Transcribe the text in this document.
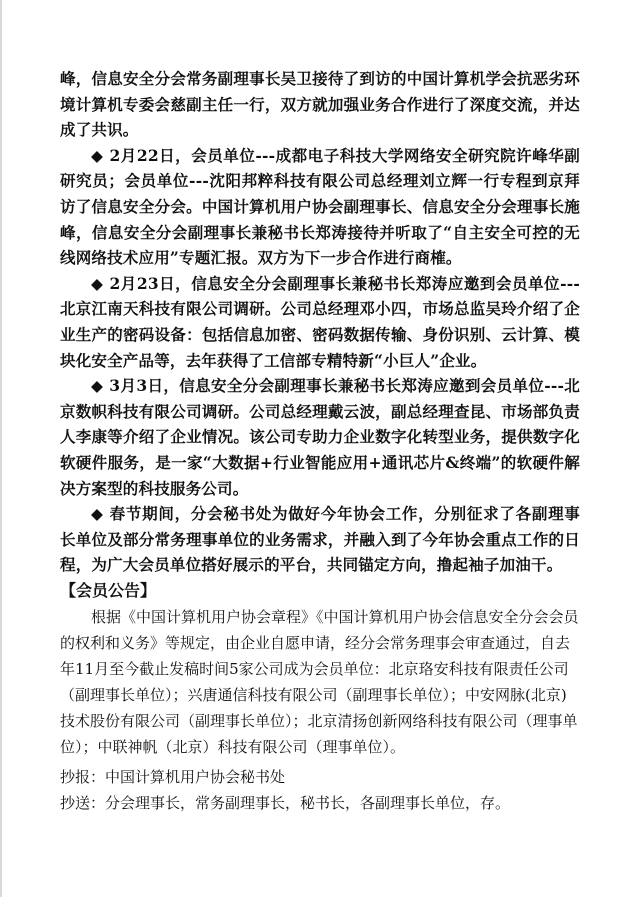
峰，信息安全分会常务副理事长吴卫接待了到访的中国计算机学会抗恶劣环境计算机专委会慈副主任一行，双方就加强业务合作进行了深度交流，并达成了共识。

◆ 2月22日，会员单位---成都电子科技大学网络安全研究院许峰华副研究员；会员单位---沈阳邦粹科技有限公司总经理刘立辉一行专程到京拜访了信息安全分会。中国计算机用户协会副理事长、信息安全分会理事长施峰，信息安全分会副理事长兼秘书长郑涛接待并听取了“自主安全可控的无线网络技术应用”专题汇报。双方为下一步合作进行商榷。

◆ 2月23日，信息安全分会副理事长兼秘书长郑涛应邀到会员单位---北京江南天科技有限公司调研。公司总经理邓小四，市场总监吴玲介绍了企业生产的密码设备：包括信息加密、密码数据传输、身份识别、云计算、模块化安全产品等，去年获得了工信部专精特新“小巨人”企业。

◆ 3月3日，信息安全分会副理事长兼秘书长郑涛应邀到会员单位---北京数帜科技有限公司调研。公司总经理戴云波，副总经理查昆、市场部负责人李康等介绍了企业情况。该公司专助力企业数字化转型业务，提供数字化软硬件服务，是一家“大数据+行业智能应用+通讯芯片&终端”的软硬件解决方案型的科技服务公司。

◆ 春节期间，分会秘书处为做好今年协会工作，分别征求了各副理事长单位及部分常务理事单位的业务需求，并融入到了今年协会重点工作的日程，为广大会员单位搭好展示的平台，共同锚定方向，撸起袖子加油干。

【会员公告】

根据《中国计算机用户协会章程》《中国计算机用户协会信息安全分会会员的权利和义务》等规定，由企业自愿申请，经分会常务理事会审查通过，自去年11月至今截止发稿时间5家公司成为会员单位：北京珞安科技有限责任公司（副理事长单位）；兴唐通信科技有限公司（副理事长单位）；中安网脉(北京)技术股份有限公司（副理事长单位）；北京清扬创新网络科技有限公司（理事单位）；中联神帆（北京）科技有限公司（理事单位）。

抄报：中国计算机用户协会秘书处

抄送：分会理事长，常务副理事长，秘书长，各副理事长单位，存。
